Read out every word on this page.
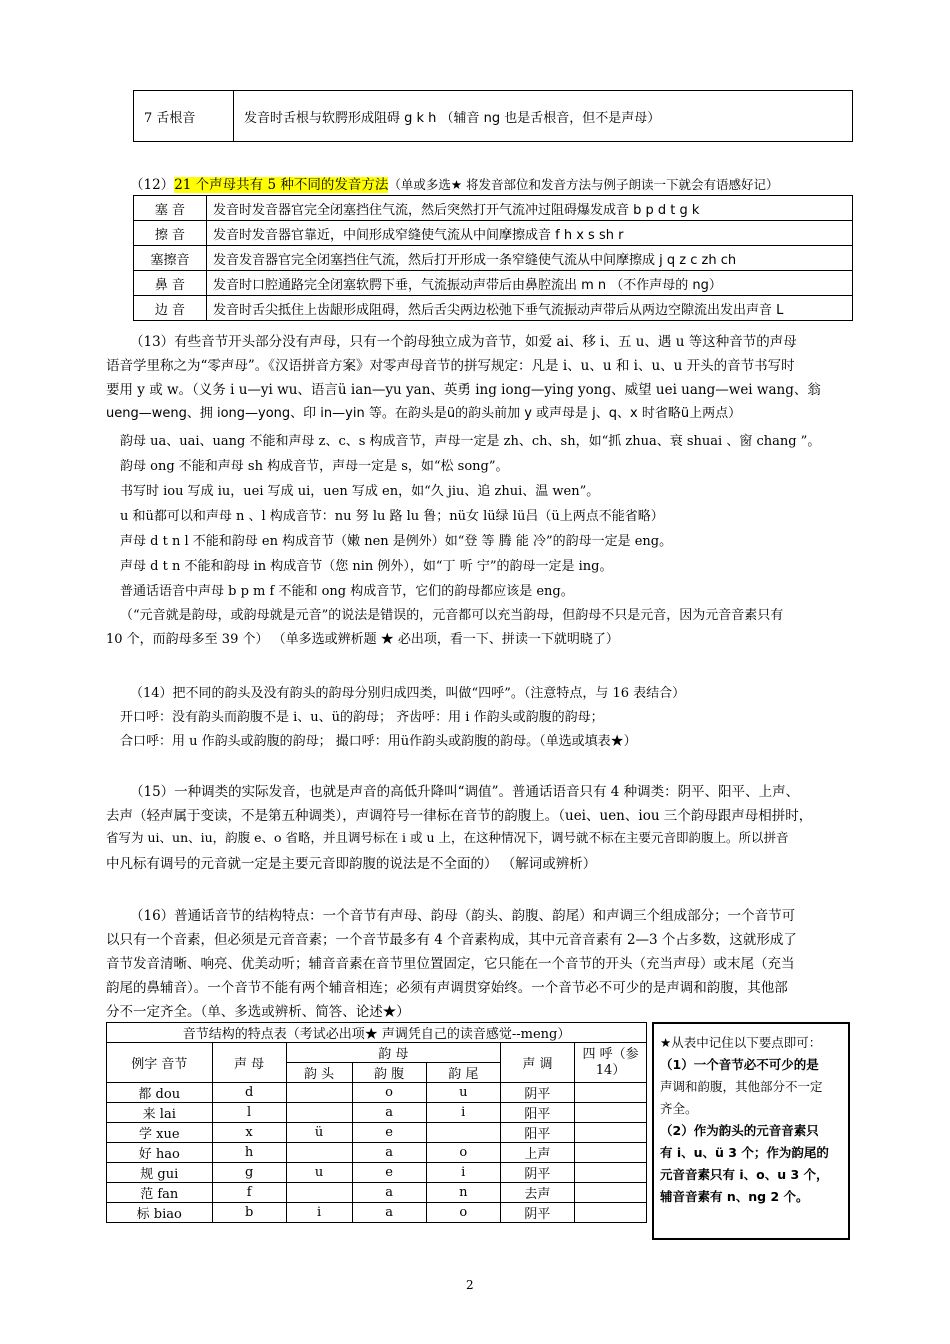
7 舌根音	发音时舌根与软腭形成阻碍 g k h （辅音 ng 也是舌根音，但不是声母）
（12）21 个声母共有 5 种不同的发音方法（单或多选★ 将发音部位和发音方法与例子朗读一下就会有语感好记）
塞 音	发音时发音器官完全闭塞挡住气流，然后突然打开气流冲过阻碍爆发成音 b p d t g k
擦 音	发音时发音器官靠近，中间形成窄缝使气流从中间摩擦成音 f h x s sh r
塞擦音	发音发音器官完全闭塞挡住气流，然后打开形成一条窄缝使气流从中间摩擦成 j q z c zh ch
鼻 音	发音时口腔通路完全闭塞软腭下垂，气流振动声带后由鼻腔流出 m n （不作声母的 ng）
边 音	发音时舌尖抵住上齿龈形成阻碍，然后舌尖两边松弛下垂气流振动声带后从两边空隙流出发出声音 L
（13）有些音节开头部分没有声母，只有一个韵母独立成为音节，如爱 ai、移 i、五 u、遇 u 等这种音节的声母
语音学里称之为“零声母”。《汉语拼音方案》对零声母音节的拼写规定：凡是 i、u、u 和 i、u、u 开头的音节书写时
要用 y 或 w。（义务 i u—yi wu、语言ü ian—yu yan、英勇 ing iong—ying yong、威望 uei uang—wei wang、翁
ueng—weng、拥 iong—yong、印 in—yin 等。在韵头是ü的韵头前加 y 或声母是 j、q、x 时省略ü上两点）
韵母 ua、uai、uang 不能和声母 z、c、s 构成音节，声母一定是 zh、ch、sh，如“抓 zhua、衰 shuai 、窗 chang ”。
韵母 ong 不能和声母 sh 构成音节，声母一定是 s，如“松 song”。
书写时 iou 写成 iu，uei 写成 ui，uen 写成 en，如“久 jiu、追 zhui、温 wen”。
u 和ü都可以和声母 n 、l 构成音节：nu 努 lu 路 lu 鲁；nü女 lü绿 lü吕（ü上两点不能省略）
声母 d t n l 不能和韵母 en 构成音节（嫩 nen 是例外）如“登 等 腾 能 冷”的韵母一定是 eng。
声母 d t n 不能和韵母 in 构成音节（您 nin 例外），如“丁 听 宁”的韵母一定是 ing。
普通话语音中声母 b p m f 不能和 ong 构成音节，它们的韵母都应该是 eng。
（“元音就是韵母，或韵母就是元音”的说法是错误的，元音都可以充当韵母，但韵母不只是元音，因为元音音素只有
10 个，而韵母多至 39 个） （单多选或辨析题 ★ 必出项，看一下、拼读一下就明晓了）
（14）把不同的韵头及没有韵头的韵母分别归成四类，叫做“四呼”。（注意特点，与 16 表结合）
开口呼：没有韵头而韵腹不是 i、u、ü的韵母； 齐齿呼：用 i 作韵头或韵腹的韵母；
合口呼：用 u 作韵头或韵腹的韵母； 撮口呼：用ü作韵头或韵腹的韵母。（单选或填表★）
（15）一种调类的实际发音，也就是声音的高低升降叫“调值”。普通话语音只有 4 种调类：阴平、阳平、上声、
去声（轻声属于变读，不是第五种调类），声调符号一律标在音节的韵腹上。（uei、uen、iou 三个韵母跟声母相拼时，
省写为 ui、un、iu，韵腹 e、o 省略，并且调号标在 i 或 u 上，在这种情况下，调号就不标在主要元音即韵腹上。所以拼音
中凡标有调号的元音就一定是主要元音即韵腹的说法是不全面的） （解词或辨析）
（16）普通话音节的结构特点：一个音节有声母、韵母（韵头、韵腹、韵尾）和声调三个组成部分；一个音节可
以只有一个音素，但必须是元音音素；一个音节最多有 4 个音素构成，其中元音音素有 2—3 个占多数，这就形成了
音节发音清晰、响亮、优美动听；辅音音素在音节里位置固定，它只能在一个音节的开头（充当声母）或末尾（充当
韵尾的鼻辅音）。一个音节不能有两个辅音相连；必须有声调贯穿始终。一个音节必不可少的是声调和韵腹，其他部
分不一定齐全。（单、多选或辨析、简答、论述★）
音节结构的特点表（考试必出项★ 声调凭自己的读音感觉--meng）							
例字 音节	声 母	韵 母			声 调	四 呼（参 14）	
		韵 头	韵 腹	韵 尾			
都 dou	d		o	u	阴平		
来 lai	l		a	i	阳平		
学 xue	x	ü	e		阳平		
好 hao	h		a	o	上声		
规 gui	g	u	e	i	阴平		
范 fan	f		a	n	去声		
标 biao	b	i	a	o	阴平		
★从表中记住以下要点即可：
（1）一个音节必不可少的是
声调和韵腹，其他部分不一定
齐全。
（2）作为韵头的元音音素只
有 i、u、ü 3 个；作为韵尾的
元音音素只有 i、o、u 3 个，
辅音音素有 n、ng 2 个。
2
